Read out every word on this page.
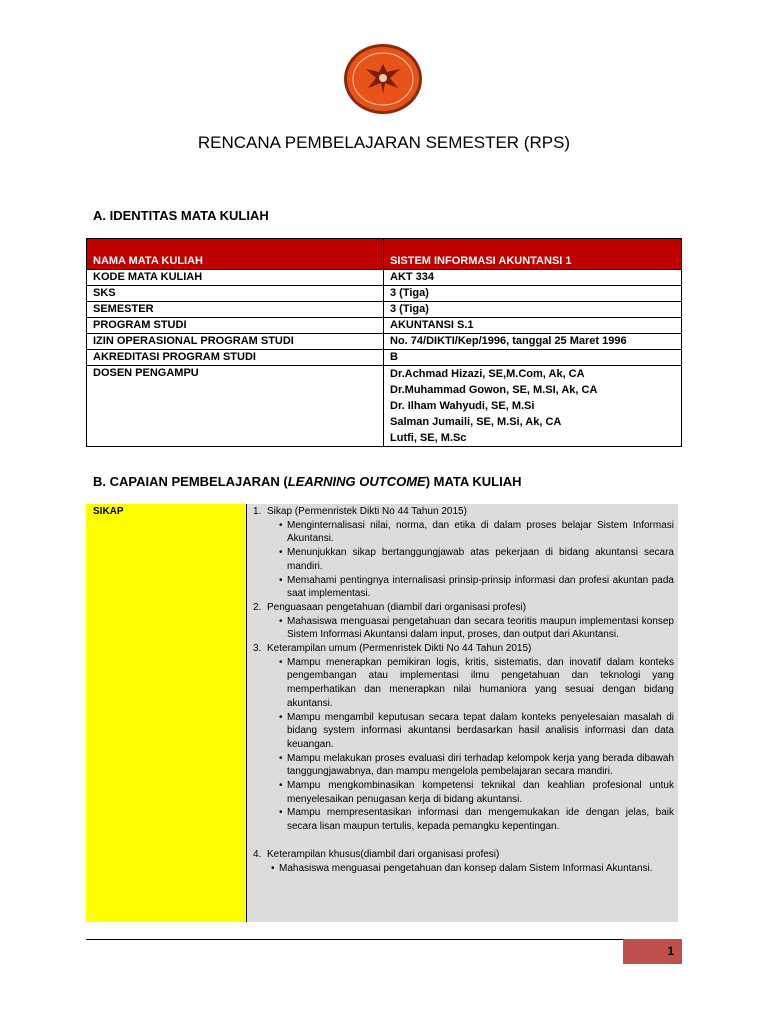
RENCANA PEMBELAJARAN SEMESTER (RPS)
A. IDENTITAS MATA KULIAH
NAMA MATA KULIAH	SISTEM INFORMASI AKUNTANSI 1
KODE MATA KULIAH	AKT 334
SKS	3 (Tiga)
SEMESTER	3 (Tiga)
PROGRAM STUDI	AKUNTANSI S.1
IZIN OPERASIONAL PROGRAM STUDI	No. 74/DIKTI/Kep/1996, tanggal 25 Maret 1996
AKREDITASI PROGRAM STUDI	B
DOSEN PENGAMPU	Dr.Achmad Hizazi, SE,M.Com, Ak, CA
Dr.Muhammad Gowon, SE, M.SI, Ak, CA
Dr. Ilham Wahyudi, SE, M.Si
Salman Jumaili, SE, M.Si, Ak, CA
Lutfi, SE, M.Sc
B. CAPAIAN PEMBELAJARAN (LEARNING OUTCOME) MATA KULIAH
SIKAP	1. Sikap (Permenristek Dikti No 44 Tahun 2015)

• Menginternalisasi nilai, norma, dan etika di dalam proses belajar Sistem Informasi Akuntansi.
• Menunjukkan sikap bertanggungjawab atas pekerjaan di bidang akuntansi secara mandiri.
• Memahami pentingnya internalisasi prinsip-prinsip informasi dan profesi akuntan pada saat implementasi.

2. Penguasaan pengetahuan (diambil dari organisasi profesi)

• Mahasiswa menguasai pengetahuan dan secara teoritis maupun implementasi konsep Sistem Informasi Akuntansi dalam input, proses, dan output dari Akuntansi.

3. Keterampilan umum (Permenristek Dikti No 44 Tahun 2015)

• Mampu menerapkan pemikiran logis, kritis, sistematis, dan inovatif dalam konteks pengembangan atau implementasi ilmu pengetahuan dan teknologi yang memperhatikan dan menerapkan nilai humaniora yang sesuai dengan bidang akuntansi.
• Mampu mengambil keputusan secara tepat dalam konteks penyelesaian masalah di bidang system informasi akuntansi berdasarkan hasil analisis informasi dan data keuangan.
• Mampu melakukan proses evaluasi diri terhadap kelompok kerja yang berada dibawah tanggungjawabnya, dan mampu mengelola pembelajaran secara mandiri.
• Mampu mengkombinasikan kompetensi teknikal dan keahlian profesional untuk menyelesaikan penugasan kerja di bidang akuntansi.
• Mampu mempresentasikan informasi dan mengemukakan ide dengan jelas, baik secara lisan maupun tertulis, kepada pemangku kepentingan.

4. Keterampilan khusus(diambil dari organisasi profesi)

• Mahasiswa menguasai pengetahuan dan konsep dalam Sistem Informasi Akuntansi.
1
